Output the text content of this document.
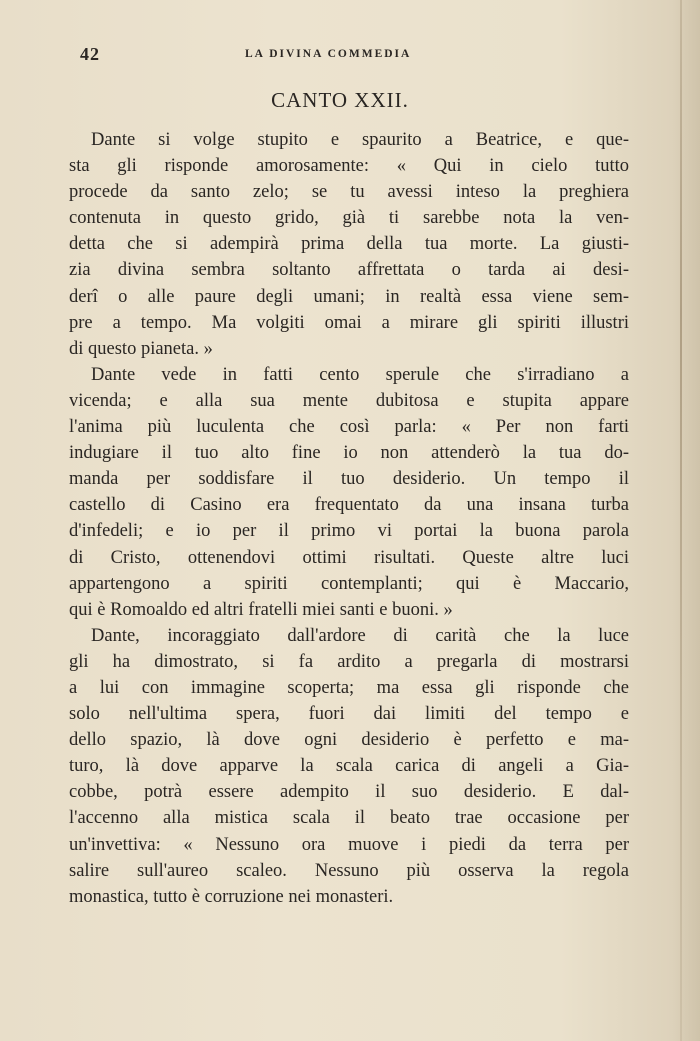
42	LA DIVINA COMMEDIA
CANTO XXII.
Dante si volge stupito e spaurito a Beatrice, e que-
sta gli risponde amorosamente: « Qui in cielo tutto
procede da santo zelo; se tu avessi inteso la preghiera
contenuta in questo grido, già ti sarebbe nota la ven-
detta che si adempirà prima della tua morte. La giusti-
zia divina sembra soltanto affrettata o tarda ai desi-
derî o alle paure degli umani; in realtà essa viene sem-
pre a tempo. Ma volgiti omai a mirare gli spiriti illustri
di questo pianeta. »
Dante vede in fatti cento sperule che s'irradiano a
vicenda; e alla sua mente dubitosa e stupita appare
l'anima più luculenta che così parla: « Per non farti
indugiare il tuo alto fine io non attenderò la tua do-
manda per soddisfare il tuo desiderio. Un tempo il
castello di Casino era frequentato da una insana turba
d'infedeli; e io per il primo vi portai la buona parola
di Cristo, ottenendovi ottimi risultati. Queste altre luci
appartengono a spiriti contemplanti; qui è Maccario,
qui è Romoaldo ed altri fratelli miei santi e buoni. »
Dante, incoraggiato dall'ardore di carità che la luce
gli ha dimostrato, si fa ardito a pregarla di mostrarsi
a lui con immagine scoperta; ma essa gli risponde che
solo nell'ultima spera, fuori dai limiti del tempo e
dello spazio, là dove ogni desiderio è perfetto e ma-
turo, là dove apparve la scala carica di angeli a Gia-
cobbe, potrà essere adempito il suo desiderio. E dal-
l'accenno alla mistica scala il beato trae occasione per
un'invettiva: « Nessuno ora muove i piedi da terra per
salire sull'aureo scaleo. Nessuno più osserva la regola
monastica, tutto è corruzione nei monasteri.
